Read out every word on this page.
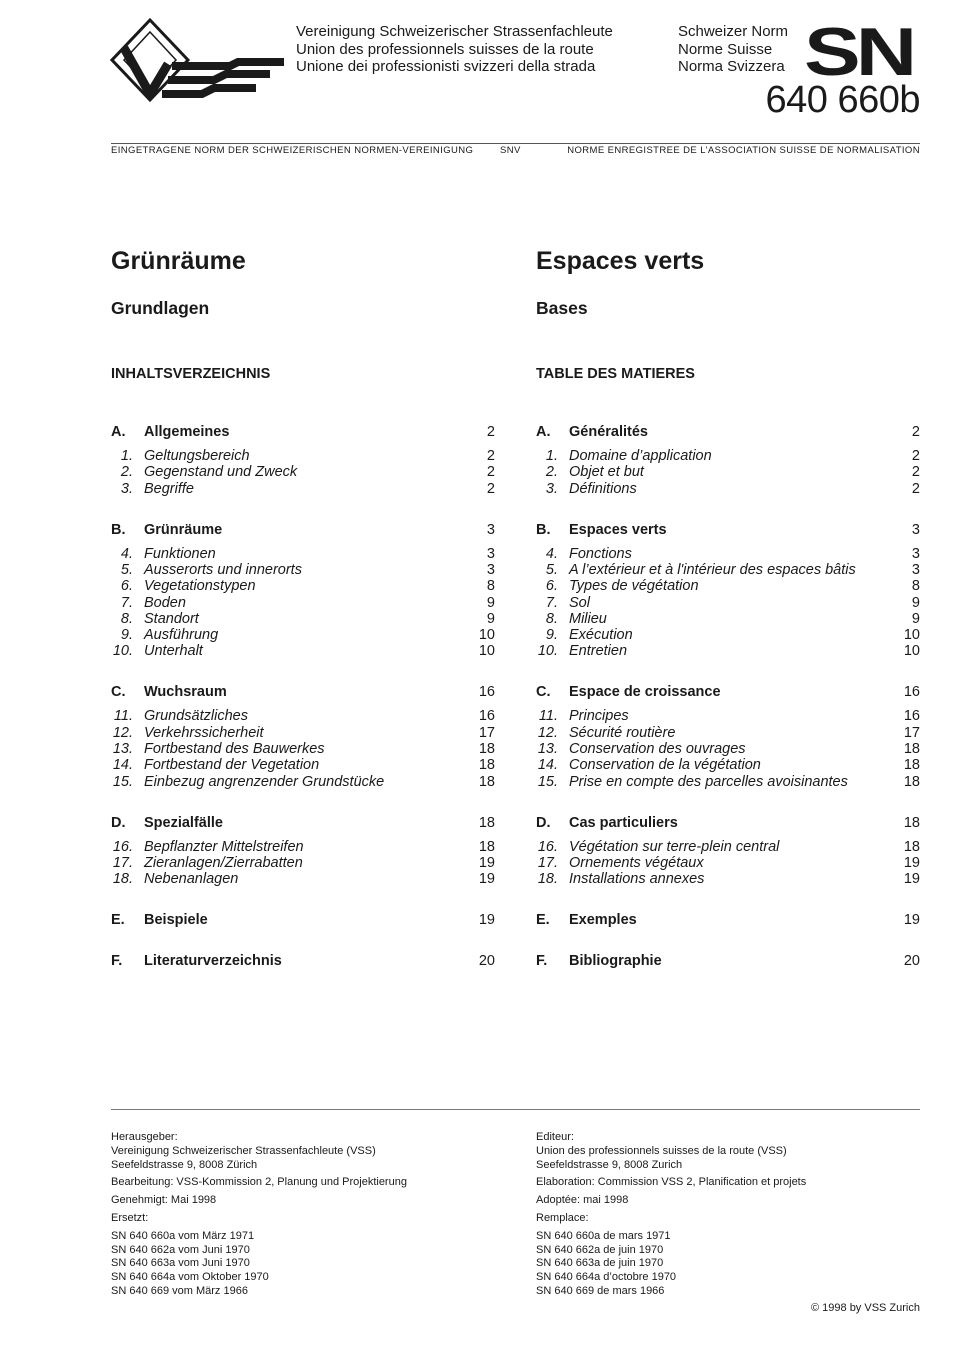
Vereinigung Schweizerischer Strassenfachleute
Union des professionnels suisses de la route
Unione dei professionisti svizzeri della strada
Schweizer Norm
Norme Suisse
Norma Svizzera SN
640 660b
EINGETRAGENE NORM DER SCHWEIZERISCHEN NORMEN-VEREINIGUNG	SNV	NORME ENREGISTREE DE L’ASSOCIATION SUISSE DE NORMALISATION
Grünräume	Espaces verts
Grundlagen	Bases
INHALTSVERZEICHNIS	TABLE DES MATIERES
A. Allgemeines	2
1. Geltungsbereich	2
2. Gegenstand und Zweck	2
3. Begriffe	2
B. Grünräume	3
4. Funktionen	3
5. Ausserorts und innerorts	3
6. Vegetationstypen	8
7. Boden	9
8. Standort	9
9. Ausführung	10
10. Unterhalt	10
C. Wuchsraum	16
11. Grundsätzliches	16
12. Verkehrssicherheit	17
13. Fortbestand des Bauwerkes	18
14. Fortbestand der Vegetation	18
15. Einbezug angrenzender Grundstücke	18
D. Spezialfälle	18
16. Bepflanzter Mittelstreifen	18
17. Zieranlagen/Zierrabatten	19
18. Nebenanlagen	19
E. Beispiele	19
F. Literaturverzeichnis	20
A. Généralités	2
1. Domaine d’application	2
2. Objet et but	2
3. Définitions	2
B. Espaces verts	3
4. Fonctions	3
5. A l’extérieur et à l'intérieur des espaces bâtis	3
6. Types de végétation	8
7. Sol	9
8. Milieu	9
9. Exécution	10
10. Entretien	10
C. Espace de croissance	16
11. Principes	16
12. Sécurité routière	17
13. Conservation des ouvrages	18
14. Conservation de la végétation	18
15. Prise en compte des parcelles avoisinantes	18
D. Cas particuliers	18
16. Végétation sur terre-plein central	18
17. Ornements végétaux	19
18. Installations annexes	19
E. Exemples	19
F. Bibliographie	20
Herausgeber:
Vereinigung Schweizerischer Strassenfachleute (VSS)
Seefeldstrasse 9, 8008 Zürich
Bearbeitung: VSS-Kommission 2, Planung und Projektierung
Genehmigt: Mai 1998
Ersetzt:
SN 640 660a vom März 1971
SN 640 662a vom Juni 1970
SN 640 663a vom Juni 1970
SN 640 664a vom Oktober 1970
SN 640 669 vom März 1966
Editeur:
Union des professionnels suisses de la route (VSS)
Seefeldstrasse 9, 8008 Zurich
Elaboration: Commission VSS 2, Planification et projets
Adoptée: mai 1998
Remplace:
SN 640 660a de mars 1971
SN 640 662a de juin 1970
SN 640 663a de juin 1970
SN 640 664a d’octobre 1970
SN 640 669 de mars 1966
© 1998 by VSS Zurich
